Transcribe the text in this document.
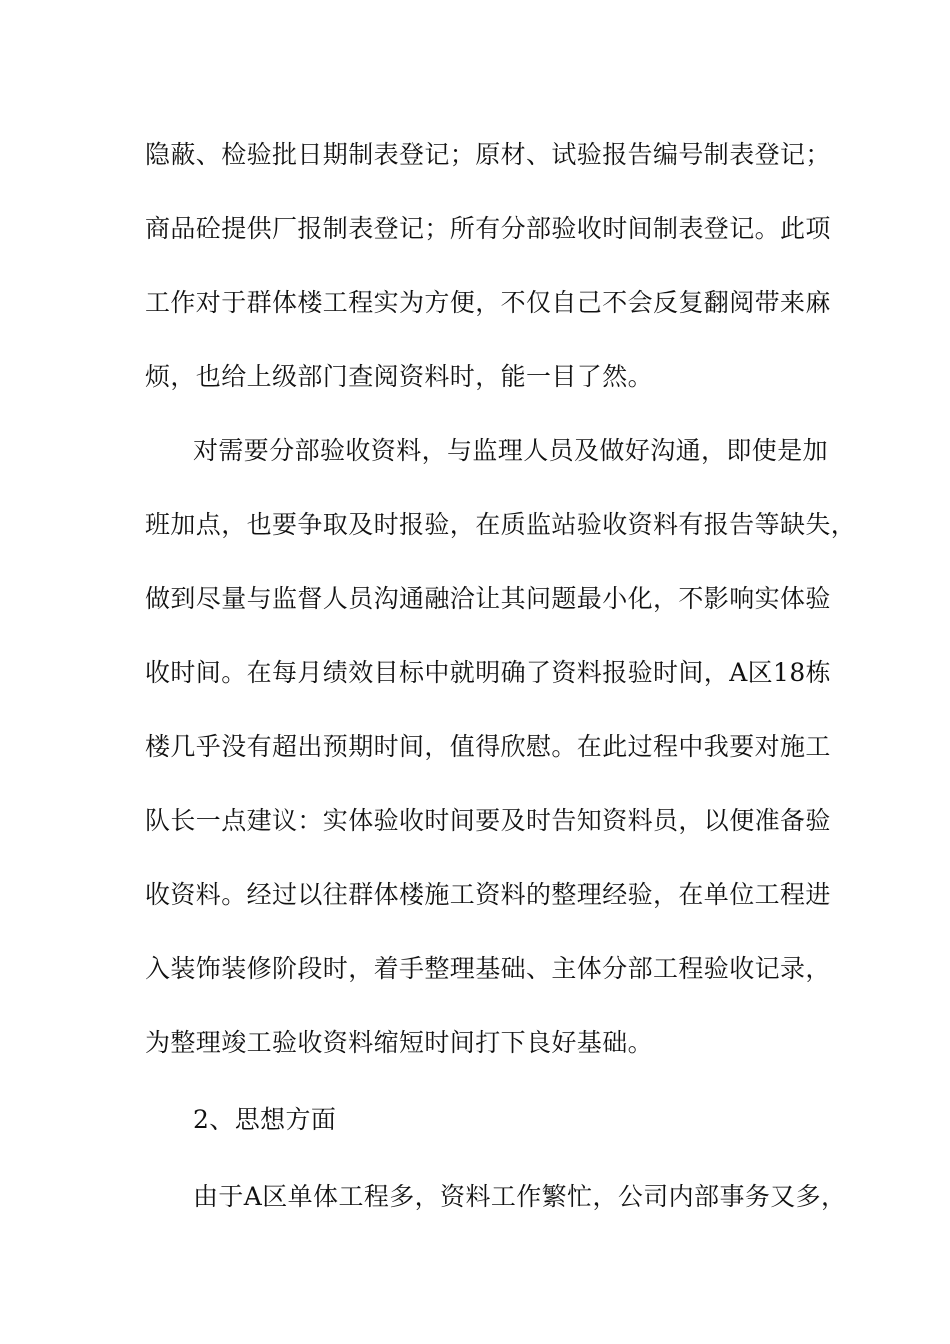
隐蔽、检验批日期制表登记；原材、试验报告编号制表登记；
商品砼提供厂报制表登记；所有分部验收时间制表登记。此项
工作对于群体楼工程实为方便，不仅自己不会反复翻阅带来麻
烦，也给上级部门查阅资料时，能一目了然。
对需要分部验收资料，与监理人员及做好沟通，即使是加
班加点，也要争取及时报验，在质监站验收资料有报告等缺失，
做到尽量与监督人员沟通融洽让其问题最小化，不影响实体验
收时间。在每月绩效目标中就明确了资料报验时间，A区18栋
楼几乎没有超出预期时间，值得欣慰。在此过程中我要对施工
队长一点建议：实体验收时间要及时告知资料员，以便准备验
收资料。经过以往群体楼施工资料的整理经验，在单位工程进
入装饰装修阶段时，着手整理基础、主体分部工程验收记录，
为整理竣工验收资料缩短时间打下良好基础。
2、思想方面
由于A区单体工程多，资料工作繁忙，公司内部事务又多，
